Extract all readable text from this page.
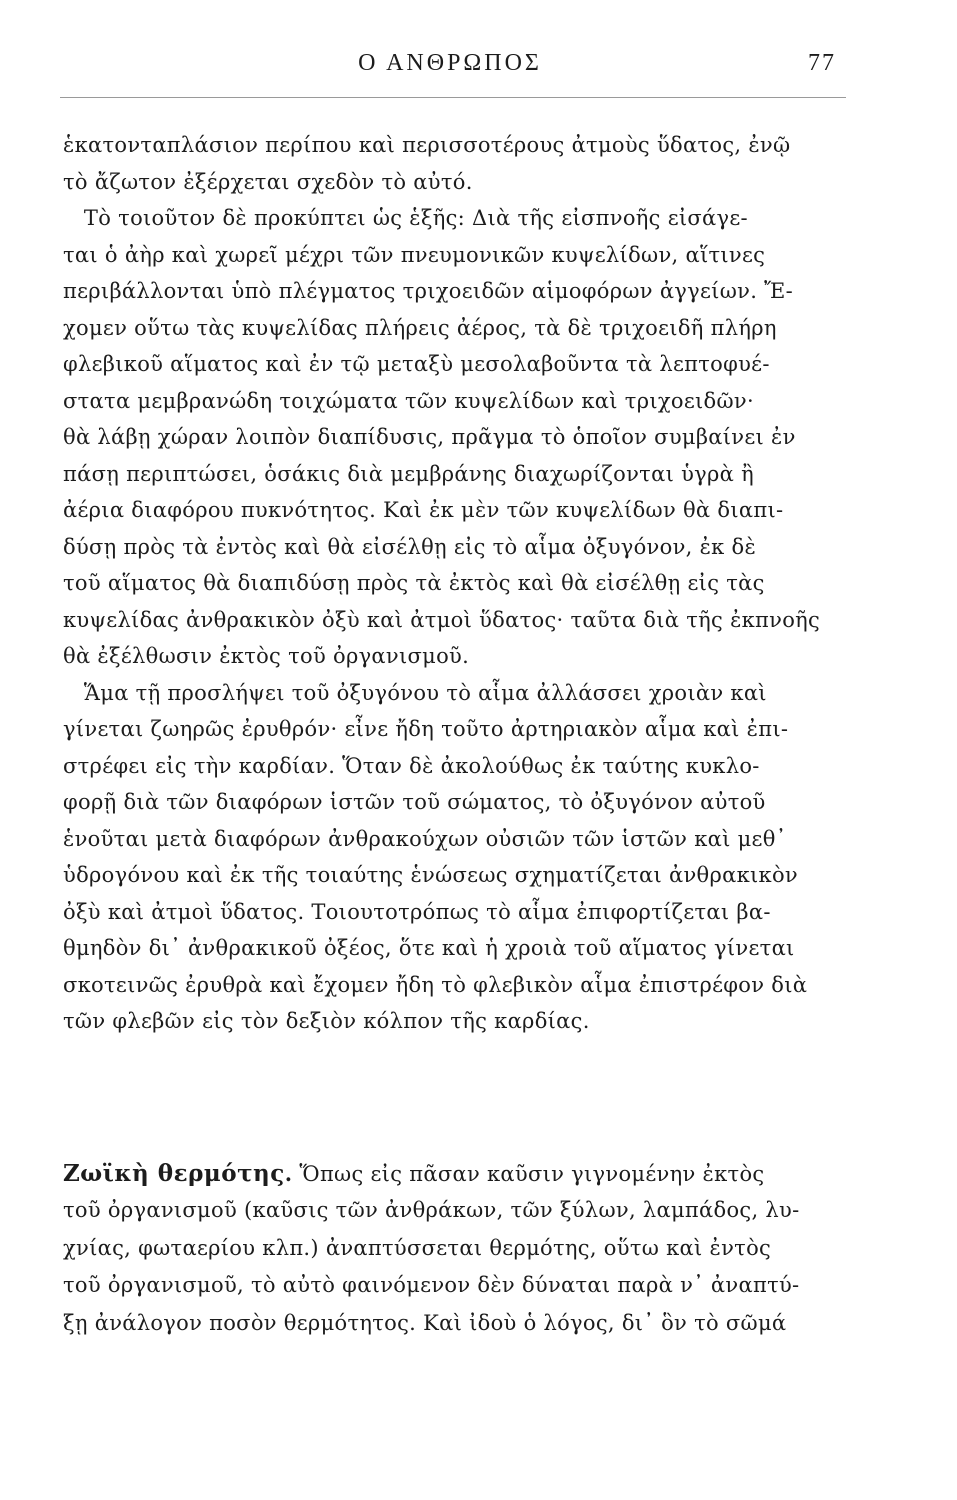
Ο ΑΝΘΡΩΠΟΣ	77
ἑκατονταπλάσιον περίπου καὶ περισσοτέρους ἀτμοὺς ὕδατος, ἐνῷ
τὸ ἄζωτον ἐξέρχεται σχεδὸν τὸ αὐτό.
Τὸ τοιοῦτον δὲ προκύπτει ὡς ἑξῆς: Διὰ τῆς εἰσπνοῆς εἰσάγε-
ται ὁ ἀὴρ καὶ χωρεῖ μέχρι τῶν πνευμονικῶν κυψελίδων, αἵτινες
περιβάλλονται ὑπὸ πλέγματος τριχοειδῶν αἱμοφόρων ἀγγείων. Ἔ-
χομεν οὕτω τὰς κυψελίδας πλήρεις ἀέρος, τὰ δὲ τριχοειδῆ πλήρη
φλεβικοῦ αἵματος καὶ ἐν τῷ μεταξὺ μεσολαβοῦντα τὰ λεπτοφυέ-
στατα μεμβρανώδη τοιχώματα τῶν κυψελίδων καὶ τριχοειδῶν·
θὰ λάβῃ χώραν λοιπὸν διαπίδυσις, πρᾶγμα τὸ ὁποῖον συμβαίνει ἐν
πάσῃ περιπτώσει, ὁσάκις διὰ μεμβράνης διαχωρίζονται ὑγρὰ ἢ
ἀέρια διαφόρου πυκνότητος. Καὶ ἐκ μὲν τῶν κυψελίδων θὰ διαπι-
δύσῃ πρὸς τὰ ἐντὸς καὶ θὰ εἰσέλθῃ εἰς τὸ αἷμα ὀξυγόνον, ἐκ δὲ
τοῦ αἵματος θὰ διαπιδύσῃ πρὸς τὰ ἐκτὸς καὶ θὰ εἰσέλθῃ εἰς τὰς
κυψελίδας ἀνθρακικὸν ὀξὺ καὶ ἀτμοὶ ὕδατος· ταῦτα διὰ τῆς ἐκπνοῆς
θὰ ἐξέλθωσιν ἐκτὸς τοῦ ὀργανισμοῦ.
Ἅμα τῇ προσλήψει τοῦ ὀξυγόνου τὸ αἷμα ἀλλάσσει χροιὰν καὶ
γίνεται ζωηρῶς ἐρυθρόν· εἶνε ἤδη τοῦτο ἀρτηριακὸν αἷμα καὶ ἐπι-
στρέφει εἰς τὴν καρδίαν. Ὅταν δὲ ἀκολούθως ἐκ ταύτης κυκλο-
φορῇ διὰ τῶν διαφόρων ἱστῶν τοῦ σώματος, τὸ ὀξυγόνον αὐτοῦ
ἑνοῦται μετὰ διαφόρων ἀνθρακούχων οὐσιῶν τῶν ἱστῶν καὶ μεθ᾽
ὑδρογόνου καὶ ἐκ τῆς τοιαύτης ἑνώσεως σχηματίζεται ἀνθρακικὸν
ὀξὺ καὶ ἀτμοὶ ὕδατος. Τοιουτοτρόπως τὸ αἷμα ἐπιφορτίζεται βα-
θμηδὸν δι᾽ ἀνθρακικοῦ ὀξέος, ὅτε καὶ ἡ χροιὰ τοῦ αἵματος γίνεται
σκοτεινῶς ἐρυθρὰ καὶ ἔχομεν ἤδη τὸ φλεβικὸν αἷμα ἐπιστρέφον διὰ
τῶν φλεβῶν εἰς τὸν δεξιὸν κόλπον τῆς καρδίας.
Ζωϊκὴ θερμότης. Ὅπως εἰς πᾶσαν καῦσιν γιγνομένην ἐκτὸς
τοῦ ὀργανισμοῦ (καῦσις τῶν ἀνθράκων, τῶν ξύλων, λαμπάδος, λυ-
χνίας, φωταερίου κλπ.) ἀναπτύσσεται θερμότης, οὕτω καὶ ἐντὸς
τοῦ ὀργανισμοῦ, τὸ αὐτὸ φαινόμενον δὲν δύναται παρὰ ν᾽ ἀναπτύ-
ξῃ ἀνάλογον ποσὸν θερμότητος. Καὶ ἰδοὺ ὁ λόγος, δι᾽ ὃν τὸ σῶμά
